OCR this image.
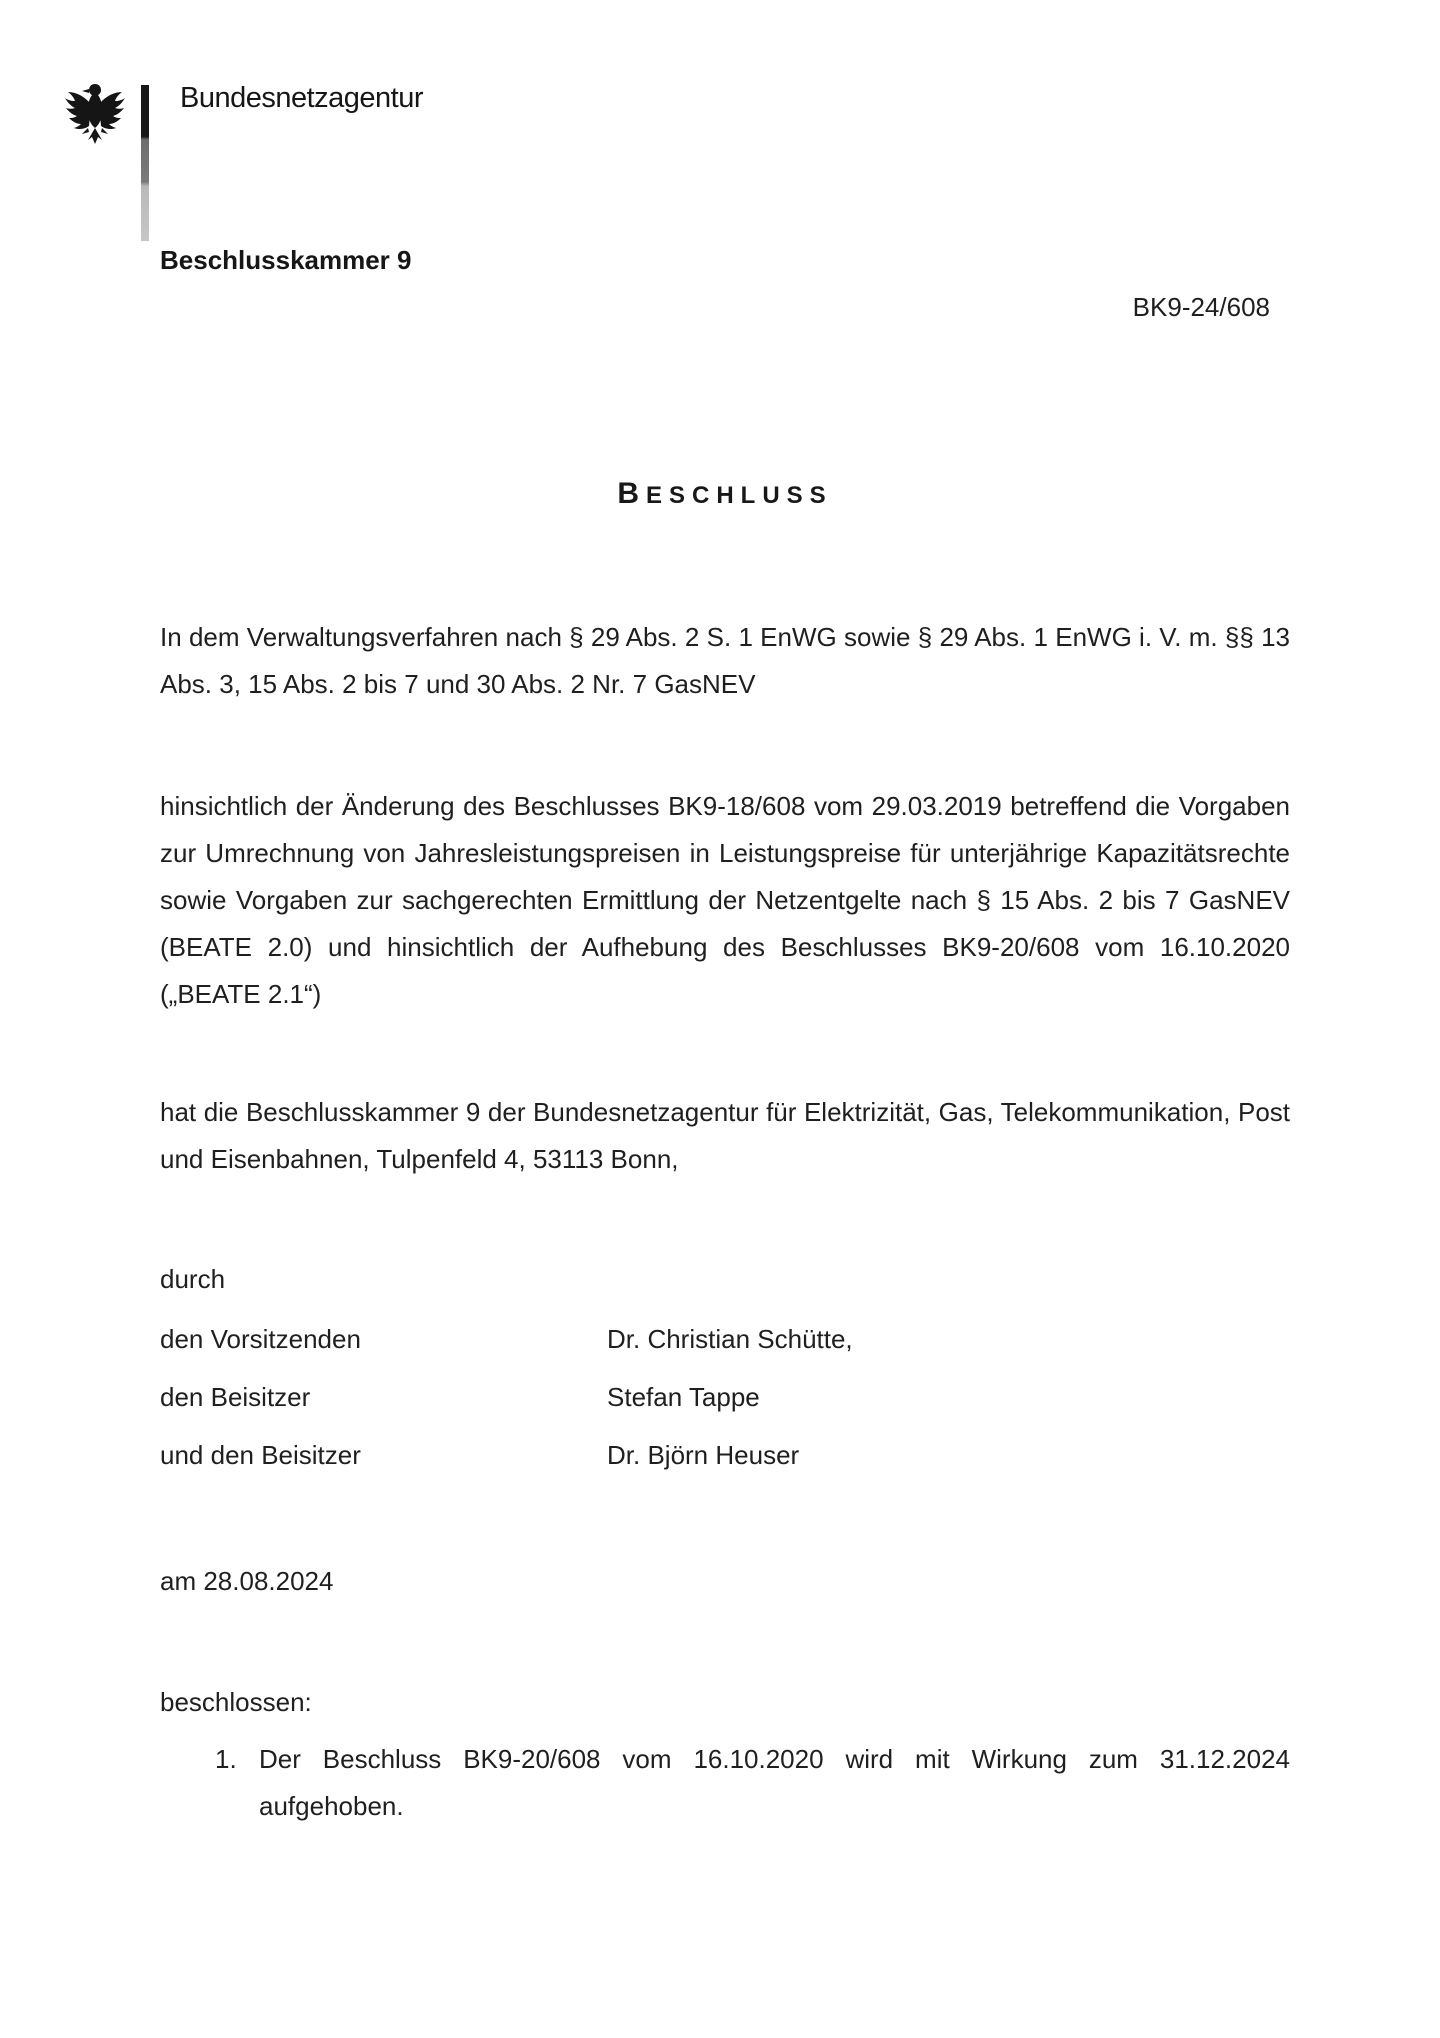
Bundesnetzagentur
Beschlusskammer 9
BK9-24/608
BESCHLUSS
In dem Verwaltungsverfahren nach § 29 Abs. 2 S. 1 EnWG sowie § 29 Abs. 1 EnWG i. V. m. §§ 13 Abs. 3, 15 Abs. 2 bis 7 und 30 Abs. 2 Nr. 7 GasNEV
hinsichtlich der Änderung des Beschlusses BK9-18/608 vom 29.03.2019 betreffend die Vorgaben zur Umrechnung von Jahresleistungspreisen in Leistungspreise für unterjährige Kapazitätsrechte sowie Vorgaben zur sachgerechten Ermittlung der Netzentgelte nach § 15 Abs. 2 bis 7 GasNEV (BEATE 2.0) und hinsichtlich der Aufhebung des Beschlusses BK9-20/608 vom 16.10.2020 („BEATE 2.1“)
hat die Beschlusskammer 9 der Bundesnetzagentur für Elektrizität, Gas, Telekommunikation, Post und Eisenbahnen, Tulpenfeld 4, 53113 Bonn,
durch
den Vorsitzenden	Dr. Christian Schütte,
den Beisitzer	Stefan Tappe
und den Beisitzer	Dr. Björn Heuser
am 28.08.2024
beschlossen:
1. Der Beschluss BK9-20/608 vom 16.10.2020 wird mit Wirkung zum 31.12.2024 aufgehoben.
